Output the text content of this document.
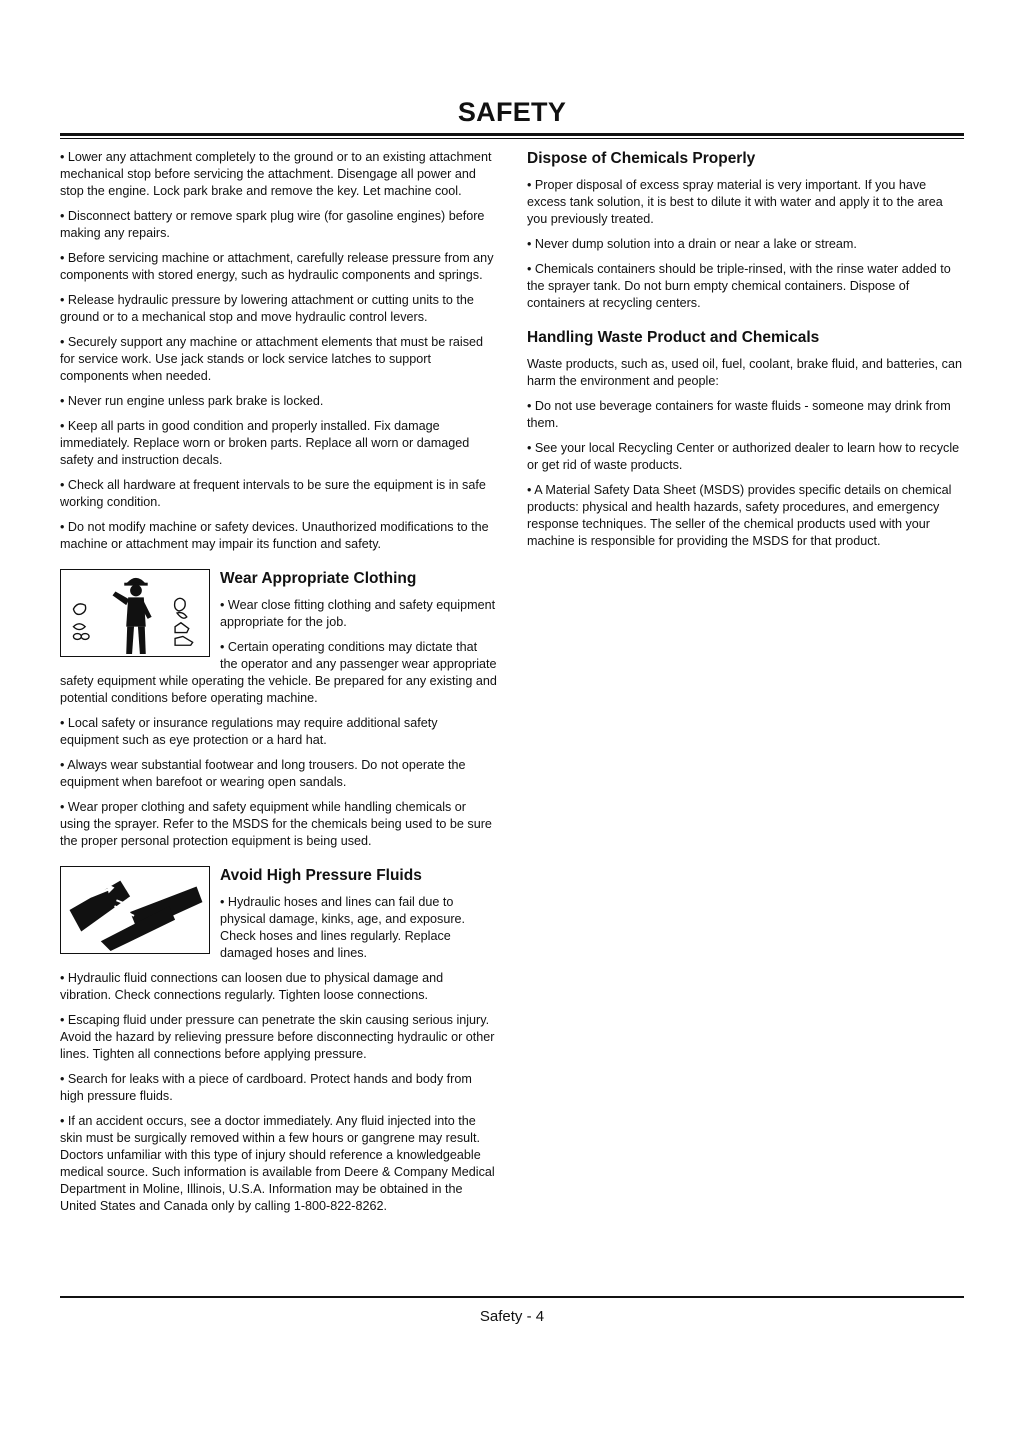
SAFETY

• Lower any attachment completely to the ground or to an existing attachment mechanical stop before servicing the attachment. Disengage all power and stop the engine. Lock park brake and remove the key. Let machine cool.

• Disconnect battery or remove spark plug wire (for gasoline engines) before making any repairs.

• Before servicing machine or attachment, carefully release pressure from any components with stored energy, such as hydraulic components and springs.

• Release hydraulic pressure by lowering attachment or cutting units to the ground or to a mechanical stop and move hydraulic control levers.

• Securely support any machine or attachment elements that must be raised for service work. Use jack stands or lock service latches to support components when needed.

• Never run engine unless park brake is locked.

• Keep all parts in good condition and properly installed. Fix damage immediately. Replace worn or broken parts. Replace all worn or damaged safety and instruction decals.

• Check all hardware at frequent intervals to be sure the equipment is in safe working condition.

• Do not modify machine or safety devices. Unauthorized modifications to the machine or attachment may impair its function and safety.

Wear Appropriate Clothing

• Wear close fitting clothing and safety equipment appropriate for the job.

• Certain operating conditions may dictate that the operator and any passenger wear appropriate safety equipment while operating the vehicle. Be prepared for any existing and potential conditions before operating machine.

• Local safety or insurance regulations may require additional safety equipment such as eye protection or a hard hat.

• Always wear substantial footwear and long trousers. Do not operate the equipment when barefoot or wearing open sandals.

• Wear proper clothing and safety equipment while handling chemicals or using the sprayer. Refer to the MSDS for the chemicals being used to be sure the proper personal protection equipment is being used.

Avoid High Pressure Fluids

• Hydraulic hoses and lines can fail due to physical damage, kinks, age, and exposure. Check hoses and lines regularly. Replace damaged hoses and lines.

• Hydraulic fluid connections can loosen due to physical damage and vibration. Check connections regularly. Tighten loose connections.

• Escaping fluid under pressure can penetrate the skin causing serious injury. Avoid the hazard by relieving pressure before disconnecting hydraulic or other lines. Tighten all connections before applying pressure.

• Search for leaks with a piece of cardboard. Protect hands and body from high pressure fluids.

• If an accident occurs, see a doctor immediately. Any fluid injected into the skin must be surgically removed within a few hours or gangrene may result. Doctors unfamiliar with this type of injury should reference a knowledgeable medical source. Such information is available from Deere & Company Medical Department in Moline, Illinois, U.S.A. Information may be obtained in the United States and Canada only by calling 1-800-822-8262.

Dispose of Chemicals Properly

• Proper disposal of excess spray material is very important. If you have excess tank solution, it is best to dilute it with water and apply it to the area you previously treated.

• Never dump solution into a drain or near a lake or stream.

• Chemicals containers should be triple-rinsed, with the rinse water added to the sprayer tank. Do not burn empty chemical containers. Dispose of containers at recycling centers.

Handling Waste Product and Chemicals

Waste products, such as, used oil, fuel, coolant, brake fluid, and batteries, can harm the environment and people:

• Do not use beverage containers for waste fluids - someone may drink from them.

• See your local Recycling Center or authorized dealer to learn how to recycle or get rid of waste products.

• A Material Safety Data Sheet (MSDS) provides specific details on chemical products: physical and health hazards, safety procedures, and emergency response techniques. The seller of the chemical products used with your machine is responsible for providing the MSDS for that product.

Safety - 4
